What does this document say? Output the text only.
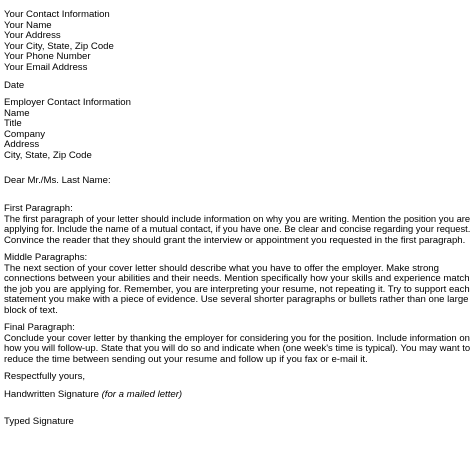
Your Contact Information
Your Name
Your Address
Your City, State, Zip Code
Your Phone Number
Your Email Address
Date
Employer Contact Information
Name
Title
Company
Address
City, State, Zip Code
Dear Mr./Ms. Last Name:
First Paragraph:
The first paragraph of your letter should include information on why you are writing. Mention the position you are
applying for. Include the name of a mutual contact, if you have one. Be clear and concise regarding your request.
Convince the reader that they should grant the interview or appointment you requested in the first paragraph.
Middle Paragraphs:
The next section of your cover letter should describe what you have to offer the employer. Make strong
connections between your abilities and their needs. Mention specifically how your skills and experience match
the job you are applying for. Remember, you are interpreting your resume, not repeating it. Try to support each
statement you make with a piece of evidence. Use several shorter paragraphs or bullets rather than one large
block of text.
Final Paragraph:
Conclude your cover letter by thanking the employer for considering you for the position. Include information on
how you will follow-up. State that you will do so and indicate when (one week's time is typical). You may want to
reduce the time between sending out your resume and follow up if you fax or e-mail it.
Respectfully yours,
Handwritten Signature (for a mailed letter)
Typed Signature
